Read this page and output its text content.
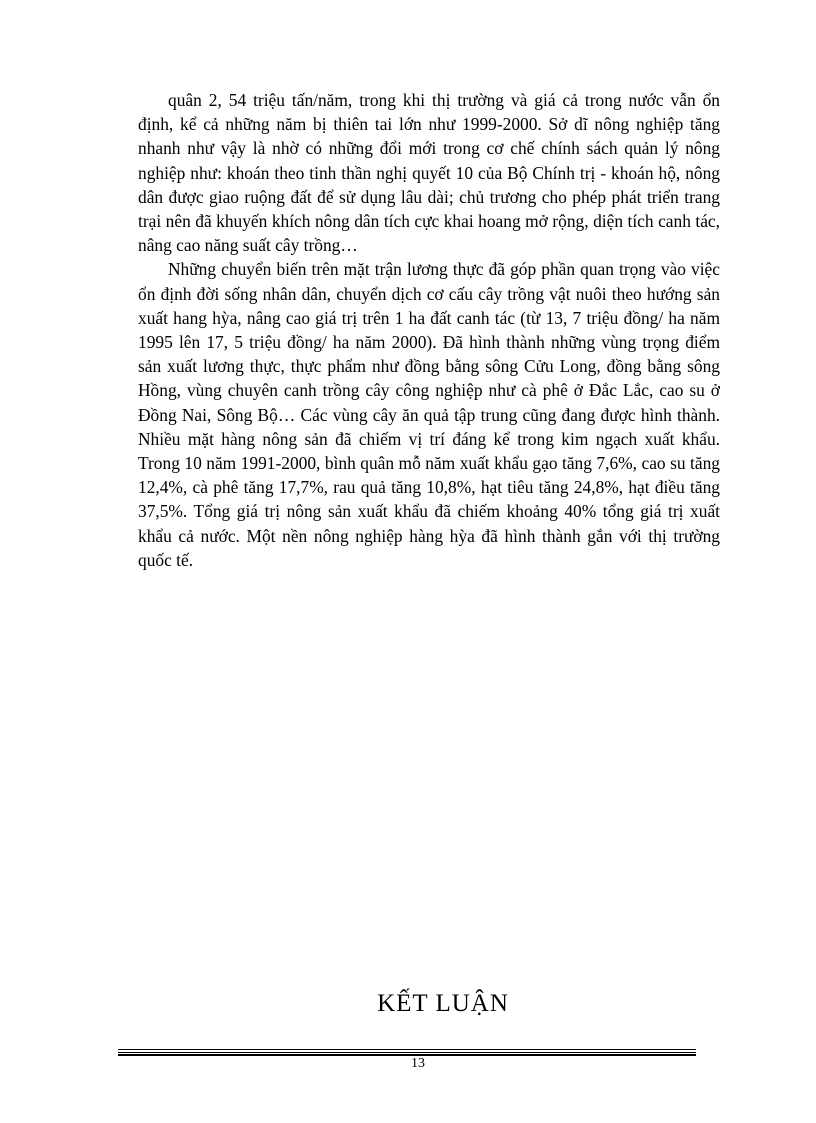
quân 2, 54 triệu tấn/năm, trong khi thị trường và giá cả trong nước vẫn ổn định, kể cả những năm bị thiên tai lớn như 1999-2000. Sở dĩ nông nghiệp tăng nhanh như vậy là nhờ có những đổi mới trong cơ chế chính sách quản lý nông nghiệp như: khoán theo tinh thần nghị quyết 10 của Bộ Chính trị - khoán hộ, nông dân được giao ruộng đất để sử dụng lâu dài; chủ trương cho phép phát triển trang trại nên đã khuyến khích nông dân tích cực khai hoang mở rộng, diện tích canh tác, nâng cao năng suất cây trồng…

Những chuyển biến trên mặt trận lương thực đã góp phần quan trọng vào việc ổn định đời sống nhân dân, chuyển dịch cơ cấu cây trồng vật nuôi theo hướng sản xuất hang hỳa, nâng cao giá trị trên 1 ha đất canh tác (từ 13, 7 triệu đồng/ ha năm 1995 lên 17, 5 triệu đồng/ ha năm 2000). Đã hình thành những vùng trọng điểm sản xuất lương thực, thực phẩm như đồng bằng sông Cửu Long, đồng bằng sông Hồng, vùng chuyên canh trồng cây công nghiệp như cà phê ở Đắc Lắc, cao su ở Đồng Nai, Sông Bộ… Các vùng cây ăn quả tập trung cũng đang được hình thành. Nhiều mặt hàng nông sản đã chiếm vị trí đáng kể trong kim ngạch xuất khẩu. Trong 10 năm 1991-2000, bình quân mỗ năm xuất khẩu gạo tăng 7,6%, cao su tăng 12,4%, cà phê tăng 17,7%, rau quả tăng 10,8%, hạt tiêu tăng 24,8%, hạt điều tăng 37,5%. Tổng giá trị nông sản xuất khẩu đã chiếm khoảng 40% tổng giá trị xuất khẩu cả nước. Một nền nông nghiệp hàng hỳa đã hình thành gắn với thị trường quốc tế.

KẾT LUẬN
13
